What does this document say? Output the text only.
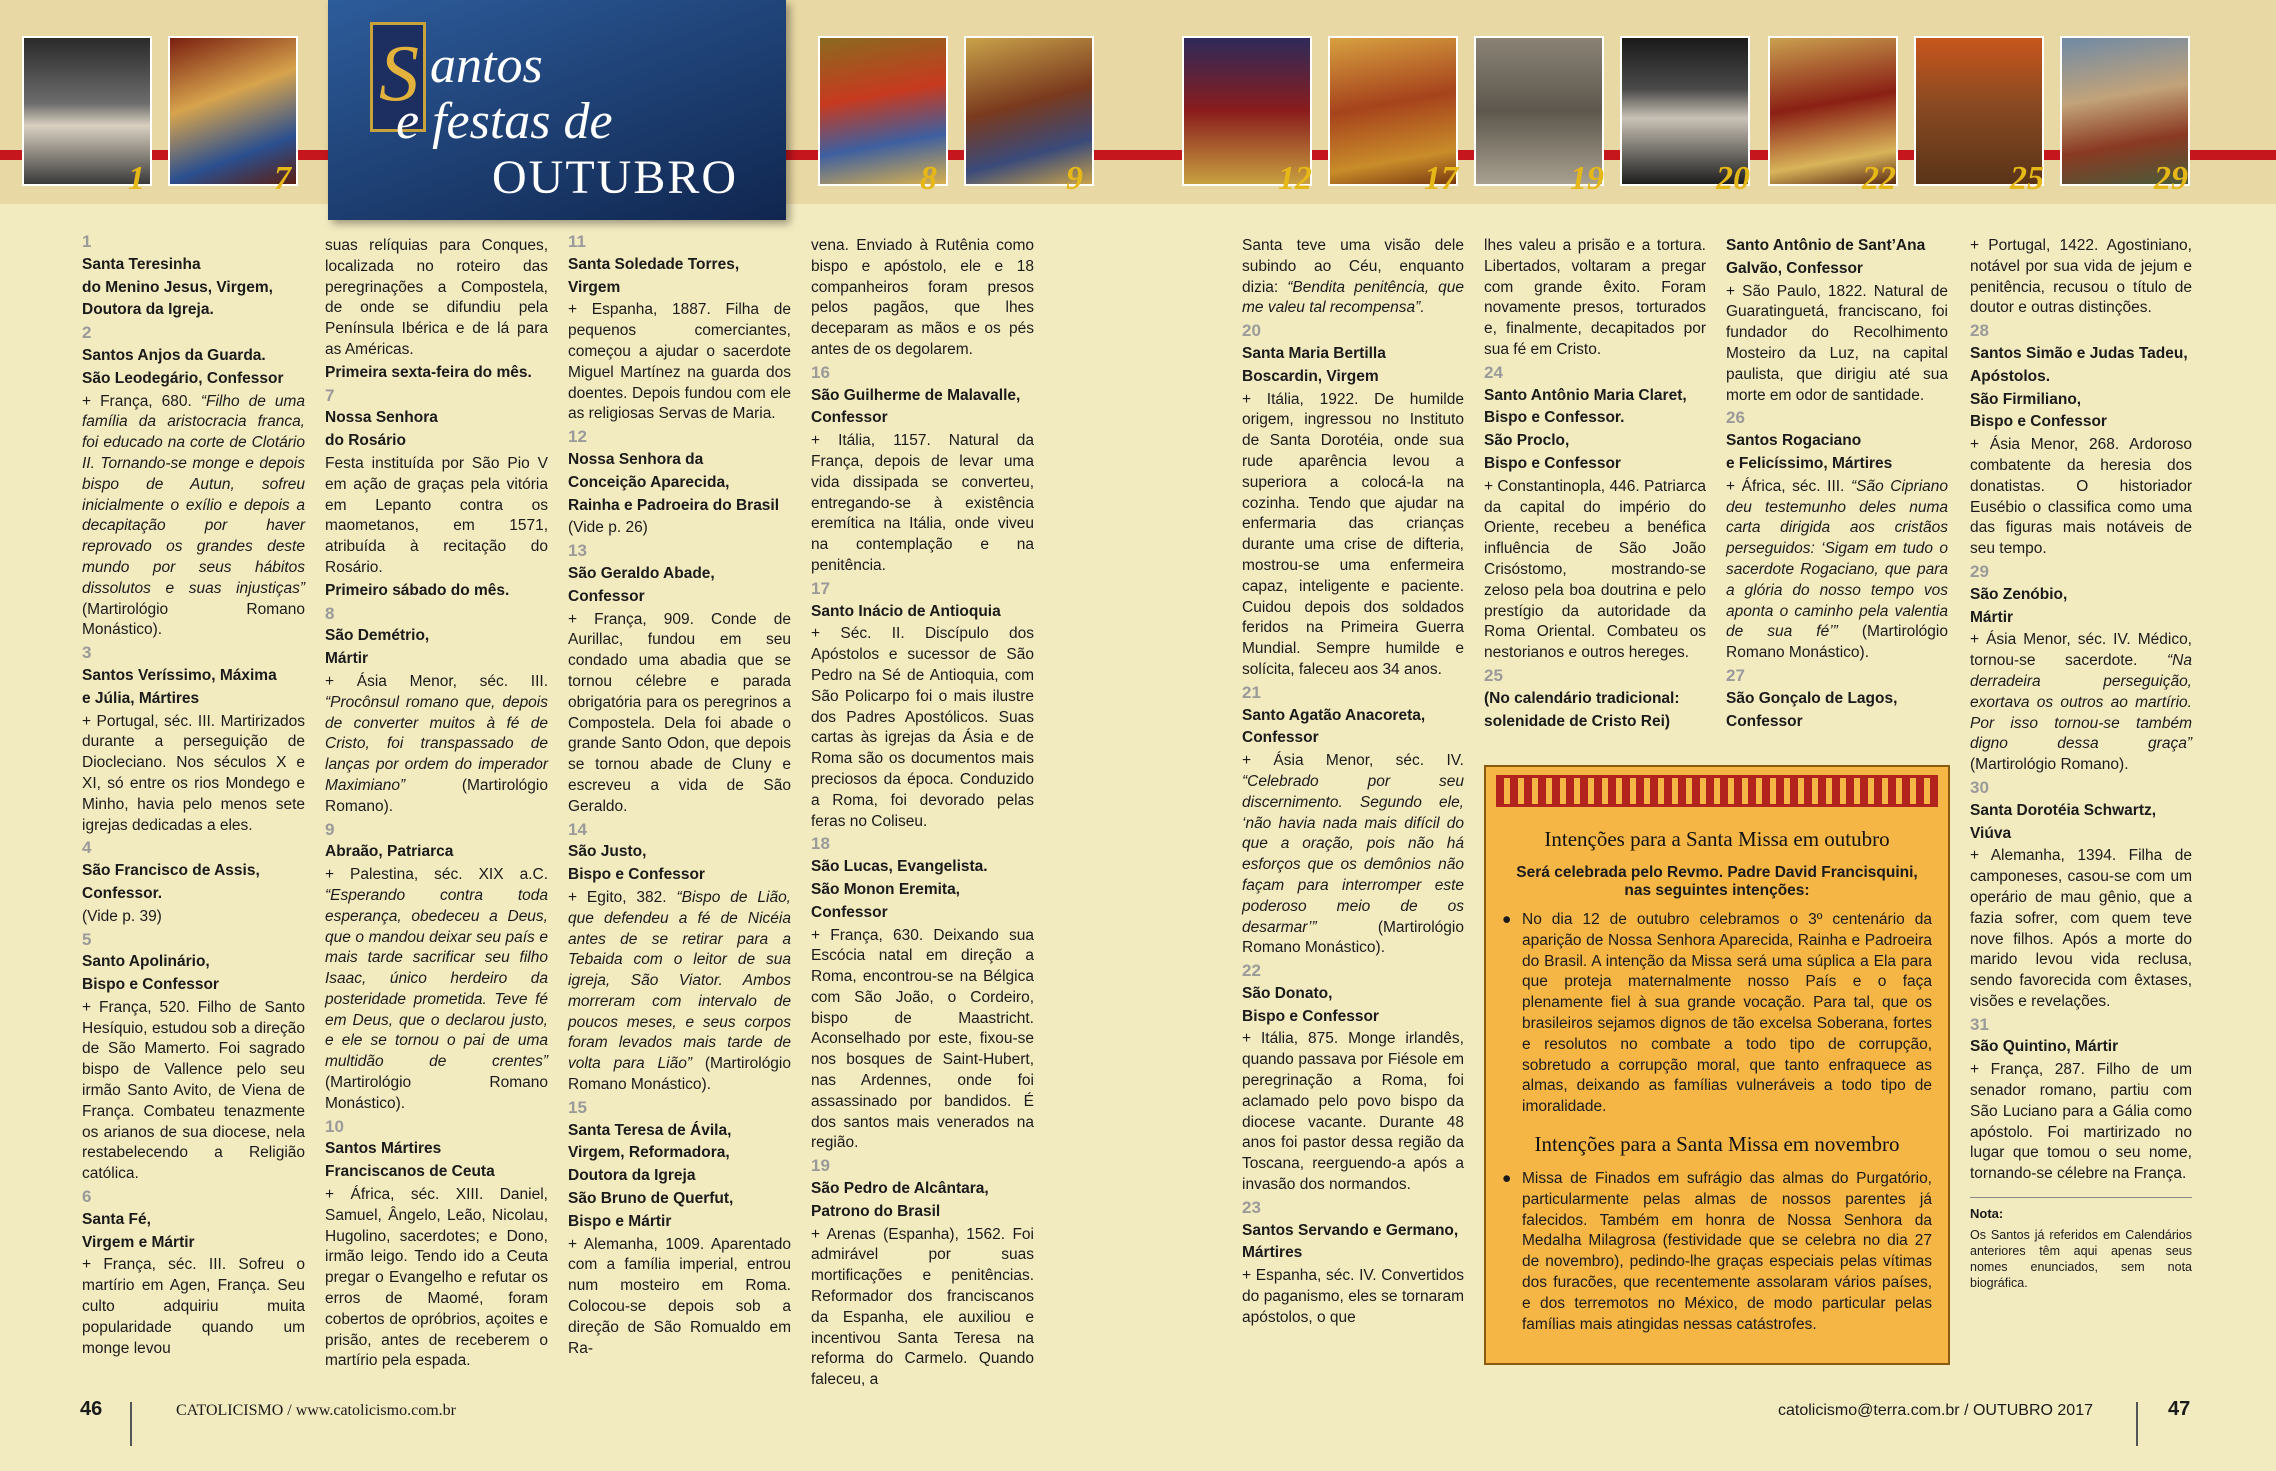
1	7
S antos
e festas de
OUTUBRO	8	9	12	17	19	20	22	25	29

1

Santa Teresinha

do Menino Jesus, Virgem,

Doutora da Igreja.

2

Santos Anjos da Guarda.

São Leodegário, Confessor

+ França, 680. “Filho de uma família da aristocracia franca, foi educado na corte de Clotário II. Tornando-se monge e depois bispo de Autun, sofreu inicialmente o exílio e depois a decapitação por haver reprovado os grandes deste mundo por seus hábitos dissolutos e suas injustiças” (Martirológio Romano Monástico).

3

Santos Veríssimo, Máxima

e Júlia, Mártires

+ Portugal, séc. III. Martirizados durante a perseguição de Diocleciano. Nos séculos X e XI, só entre os rios Mondego e Minho, havia pelo menos sete igrejas dedicadas a eles.

4

São Francisco de Assis,

Confessor.

(Vide p. 39)

5

Santo Apolinário,

Bispo e Confessor

+ França, 520. Filho de Santo Hesíquio, estudou sob a direção de São Mamerto. Foi sagrado bispo de Vallence pelo seu irmão Santo Avito, de Viena de França. Combateu tenazmente os arianos de sua diocese, nela restabelecendo a Religião católica.

6

Santa Fé,

Virgem e Mártir

+ França, séc. III. Sofreu o martírio em Agen, França. Seu culto adquiriu muita popularidade quando um monge levou

suas relíquias para Conques, localizada no roteiro das peregrinações a Compostela, de onde se difundiu pela Península Ibérica e de lá para as Américas.

Primeira sexta-feira do mês.

7

Nossa Senhora

do Rosário

Festa instituída por São Pio V em ação de graças pela vitória em Lepanto contra os maometanos, em 1571, atribuída à recitação do Rosário.

Primeiro sábado do mês.

8

São Demétrio,

Mártir

+ Ásia Menor, séc. III. “Procônsul romano que, depois de converter muitos à fé de Cristo, foi transpassado de lanças por ordem do imperador Maximiano” (Martirológio Romano).

9

Abraão, Patriarca

+ Palestina, séc. XIX a.C. “Esperando contra toda esperança, obedeceu a Deus, que o mandou deixar seu país e mais tarde sacrificar seu filho Isaac, único herdeiro da posteridade prometida. Teve fé em Deus, que o declarou justo, e ele se tornou o pai de uma multidão de crentes” (Martirológio Romano Monástico).

10

Santos Mártires

Franciscanos de Ceuta

+ África, séc. XIII. Daniel, Samuel, Ângelo, Leão, Nicolau, Hugolino, sacerdotes; e Dono, irmão leigo. Tendo ido a Ceuta pregar o Evangelho e refutar os erros de Maomé, foram cobertos de opróbrios, açoites e prisão, antes de receberem o martírio pela espada.

11

Santa Soledade Torres,

Virgem

+ Espanha, 1887. Filha de pequenos comerciantes, começou a ajudar o sacerdote Miguel Martínez na guarda dos doentes. Depois fundou com ele as religiosas Servas de Maria.

12

Nossa Senhora da

Conceição Aparecida,

Rainha e Padroeira do Brasil

(Vide p. 26)

13

São Geraldo Abade,

Confessor

+ França, 909. Conde de Aurillac, fundou em seu condado uma abadia que se tornou célebre e parada obrigatória para os peregrinos a Compostela. Dela foi abade o grande Santo Odon, que depois se tornou abade de Cluny e escreveu a vida de São Geraldo.

14

São Justo,

Bispo e Confessor

+ Egito, 382. “Bispo de Lião, que defendeu a fé de Nicéia antes de se retirar para a Tebaida com o leitor de sua igreja, São Viator. Ambos morreram com intervalo de poucos meses, e seus corpos foram levados mais tarde de volta para Lião” (Martirológio Romano Monástico).

15

Santa Teresa de Ávila,

Virgem, Reformadora,

Doutora da Igreja

São Bruno de Querfut,

Bispo e Mártir

+ Alemanha, 1009. Aparentado com a família imperial, entrou num mosteiro em Roma. Colocou-se depois sob a direção de São Romualdo em Ra-

vena. Enviado à Rutênia como bispo e apóstolo, ele e 18 companheiros foram presos pelos pagãos, que lhes deceparam as mãos e os pés antes de os degolarem.

16

São Guilherme de Malavalle,

Confessor

+ Itália, 1157. Natural da França, depois de levar uma vida dissipada se converteu, entregando-se à existência eremítica na Itália, onde viveu na contemplação e na penitência.

17

Santo Inácio de Antioquia

+ Séc. II. Discípulo dos Apóstolos e sucessor de São Pedro na Sé de Antioquia, com São Policarpo foi o mais ilustre dos Padres Apostólicos. Suas cartas às igrejas da Ásia e de Roma são os documentos mais preciosos da época. Conduzido a Roma, foi devorado pelas feras no Coliseu.

18

São Lucas, Evangelista.

São Monon Eremita,

Confessor

+ França, 630. Deixando sua Escócia natal em direção a Roma, encontrou-se na Bélgica com São João, o Cordeiro, bispo de Maastricht. Aconselhado por este, fixou-se nos bosques de Saint-Hubert, nas Ardennes, onde foi assassinado por bandidos. É dos santos mais venerados na região.

19

São Pedro de Alcântara,

Patrono do Brasil

+ Arenas (Espanha), 1562. Foi admirável por suas mortificações e penitências. Reformador dos franciscanos da Espanha, ele auxiliou e incentivou Santa Teresa na reforma do Carmelo. Quando faleceu, a

Santa teve uma visão dele subindo ao Céu, enquanto dizia: “Bendita penitência, que me valeu tal recompensa”.

20

Santa Maria Bertilla

Boscardin, Virgem

+ Itália, 1922. De humilde origem, ingressou no Instituto de Santa Dorotéia, onde sua rude aparência levou a superiora a colocá-la na cozinha. Tendo que ajudar na enfermaria das crianças durante uma crise de difteria, mostrou-se uma enfermeira capaz, inteligente e paciente. Cuidou depois dos soldados feridos na Primeira Guerra Mundial. Sempre humilde e solícita, faleceu aos 34 anos.

21

Santo Agatão Anacoreta,

Confessor

+ Ásia Menor, séc. IV. “Celebrado por seu discernimento. Segundo ele, ‘não havia nada mais difícil do que a oração, pois não há esforços que os demônios não façam para interromper este poderoso meio de os desarmar’” (Martirológio Romano Monástico).

22

São Donato,

Bispo e Confessor

+ Itália, 875. Monge irlandês, quando passava por Fiésole em peregrinação a Roma, foi aclamado pelo povo bispo da diocese vacante. Durante 48 anos foi pastor dessa região da Toscana, reerguendo-a após a invasão dos normandos.

23

Santos Servando e Germano,

Mártires

+ Espanha, séc. IV. Convertidos do paganismo, eles se tornaram apóstolos, o que

lhes valeu a prisão e a tortura. Libertados, voltaram a pregar com grande êxito. Foram novamente presos, torturados e, finalmente, decapitados por sua fé em Cristo.

24

Santo Antônio Maria Claret,

Bispo e Confessor.

São Proclo,

Bispo e Confessor

+ Constantinopla, 446. Patriarca da capital do império do Oriente, recebeu a benéfica influência de São João Crisóstomo, mostrando-se zeloso pela boa doutrina e pelo prestígio da autoridade da Roma Oriental. Combateu os nestorianos e outros hereges.

25

(No calendário tradicional:

solenidade de Cristo Rei)

Santo Antônio de Sant’Ana

Galvão, Confessor

+ São Paulo, 1822. Natural de Guaratinguetá, franciscano, foi fundador do Recolhimento Mosteiro da Luz, na capital paulista, que dirigiu até sua morte em odor de santidade.

26

Santos Rogaciano

e Felicíssimo, Mártires

+ África, séc. III. “São Cipriano deu testemunho deles numa carta dirigida aos cristãos perseguidos: ‘Sigam em tudo o sacerdote Rogaciano, que para a glória do nosso tempo vos aponta o caminho pela valentia de sua fé’” (Martirológio Romano Monástico).

27

São Gonçalo de Lagos,

Confessor

+ Portugal, 1422. Agostiniano, notável por sua vida de jejum e penitência, recusou o título de doutor e outras distinções.

28

Santos Simão e Judas Tadeu,

Apóstolos.

São Firmiliano,

Bispo e Confessor

+ Ásia Menor, 268. Ardoroso combatente da heresia dos donatistas. O historiador Eusébio o classifica como uma das figuras mais notáveis de seu tempo.

29

São Zenóbio,

Mártir

+ Ásia Menor, séc. IV. Médico, tornou-se sacerdote. “Na derradeira perseguição, exortava os outros ao martírio. Por isso tornou-se também digno dessa graça” (Martirológio Romano).

30

Santa Dorotéia Schwartz,

Viúva

+ Alemanha, 1394. Filha de camponeses, casou-se com um operário de mau gênio, que a fazia sofrer, com quem teve nove filhos. Após a morte do marido levou vida reclusa, sendo favorecida com êxtases, visões e revelações.

31

São Quintino, Mártir

+ França, 287. Filho de um senador romano, partiu com São Luciano para a Gália como apóstolo. Foi martirizado no lugar que tomou o seu nome, tornando-se célebre na França.

Nota:

Os Santos já referidos em Calendários anteriores têm aqui apenas seus nomes enunciados, sem nota biográfica.

Intenções para a Santa Missa em outubro
Será celebrada pelo Revmo. Padre David Francisquini, nas seguintes intenções:
● No dia 12 de outubro celebramos o 3º centenário da aparição de Nossa Senhora Aparecida, Rainha e Padroeira do Brasil. A intenção da Missa será uma súplica a Ela para que proteja maternalmente nosso País e o faça plenamente fiel à sua grande vocação. Para tal, que os brasileiros sejamos dignos de tão excelsa Soberana, fortes e resolutos no combate a todo tipo de corrupção, sobretudo a corrupção moral, que tanto enfraquece as almas, deixando as famílias vulneráveis a todo tipo de imoralidade.
Intenções para a Santa Missa em novembro
● Missa de Finados em sufrágio das almas do Purgatório, particularmente pelas almas de nossos parentes já falecidos. Também em honra de Nossa Senhora da Medalha Milagrosa (festividade que se celebra no dia 27 de novembro), pedindo-lhe graças especiais pelas vítimas dos furacões, que recentemente assolaram vários países, e dos terremotos no México, de modo particular pelas famílias mais atingidas nessas catástrofes.
46	CATOLICISMO / www.catolicismo.com.br	catolicismo@terra.com.br / OUTUBRO 2017	47
